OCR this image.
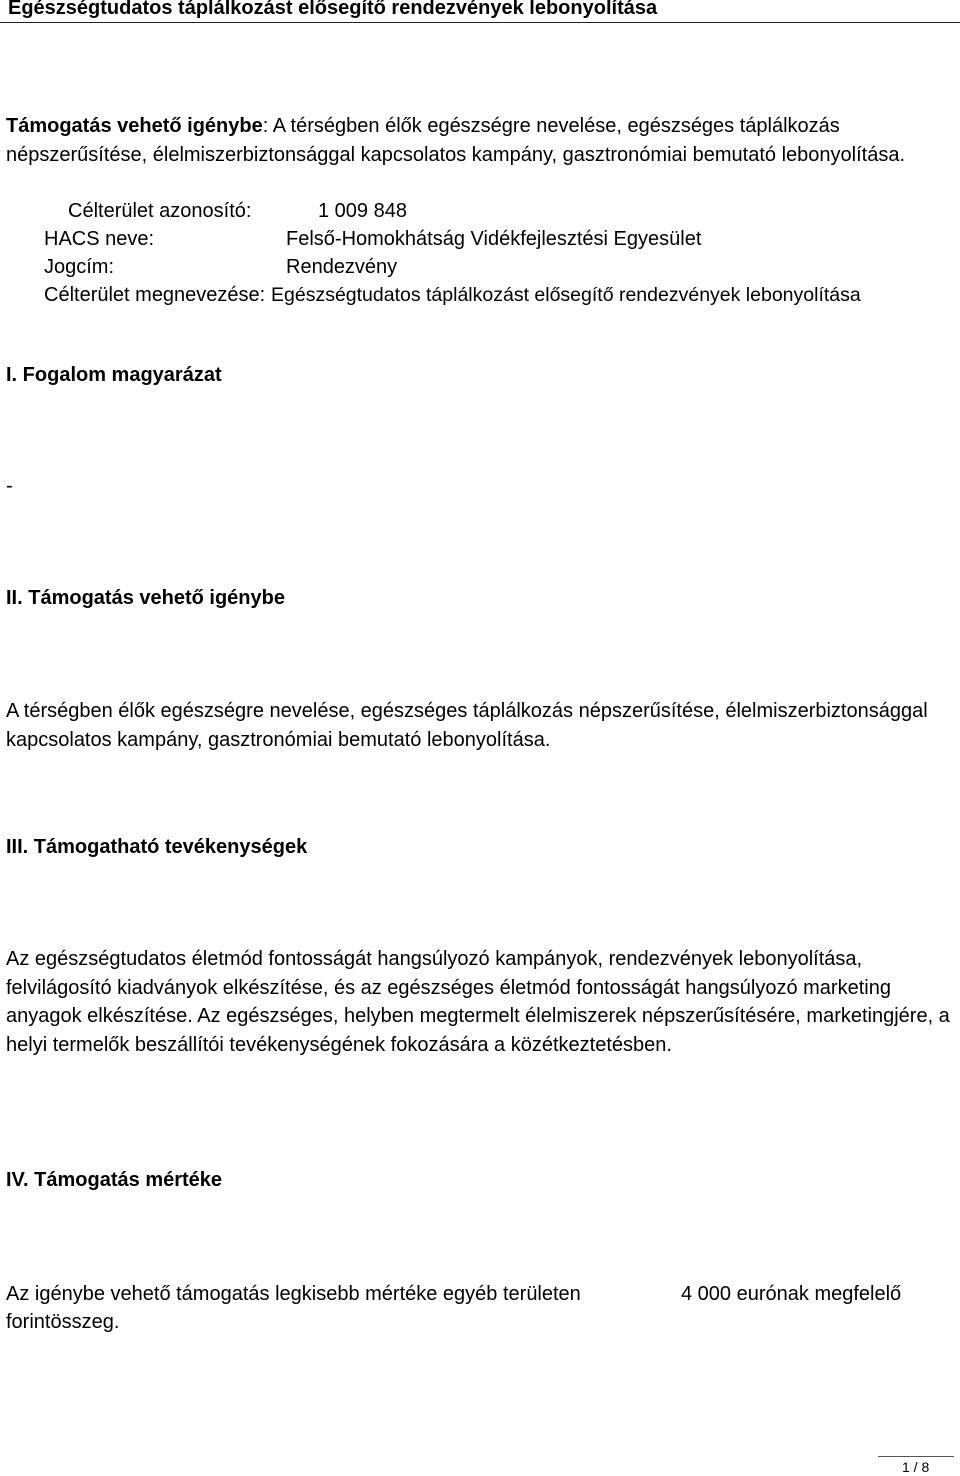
Egészségtudatos táplálkozást elősegítő rendezvények lebonyolítása
Támogatás vehető igénybe: A térségben élők egészségre nevelése, egészséges táplálkozás népszerűsítése, élelmiszerbiztonsággal kapcsolatos kampány, gasztronómiai bemutató lebonyolítása.
Célterület azonosító:	1 009 848
HACS neve:	Felső-Homokhátság Vidékfejlesztési Egyesület
Jogcím:	Rendezvény
Célterület megnevezése: Egészségtudatos táplálkozást elősegítő rendezvények lebonyolítása
I. Fogalom magyarázat
-
II. Támogatás vehető igénybe
A térségben élők egészségre nevelése, egészséges táplálkozás népszerűsítése, élelmiszerbiztonsággal kapcsolatos kampány, gasztronómiai bemutató lebonyolítása.
III. Támogatható tevékenységek
Az egészségtudatos életmód fontosságát hangsúlyozó kampányok, rendezvények lebonyolítása, felvilágosító kiadványok elkészítése, és az egészséges életmód fontosságát hangsúlyozó marketing anyagok elkészítése. Az egészséges, helyben megtermelt élelmiszerek népszerűsítésére, marketingjére, a helyi termelők beszállítói tevékenységének fokozására a közétkeztetésben.
IV. Támogatás mértéke
Az igénybe vehető támogatás legkisebb mértéke egyéb területen	4 000 eurónak megfelelő
forintösszeg.
1 / 8
